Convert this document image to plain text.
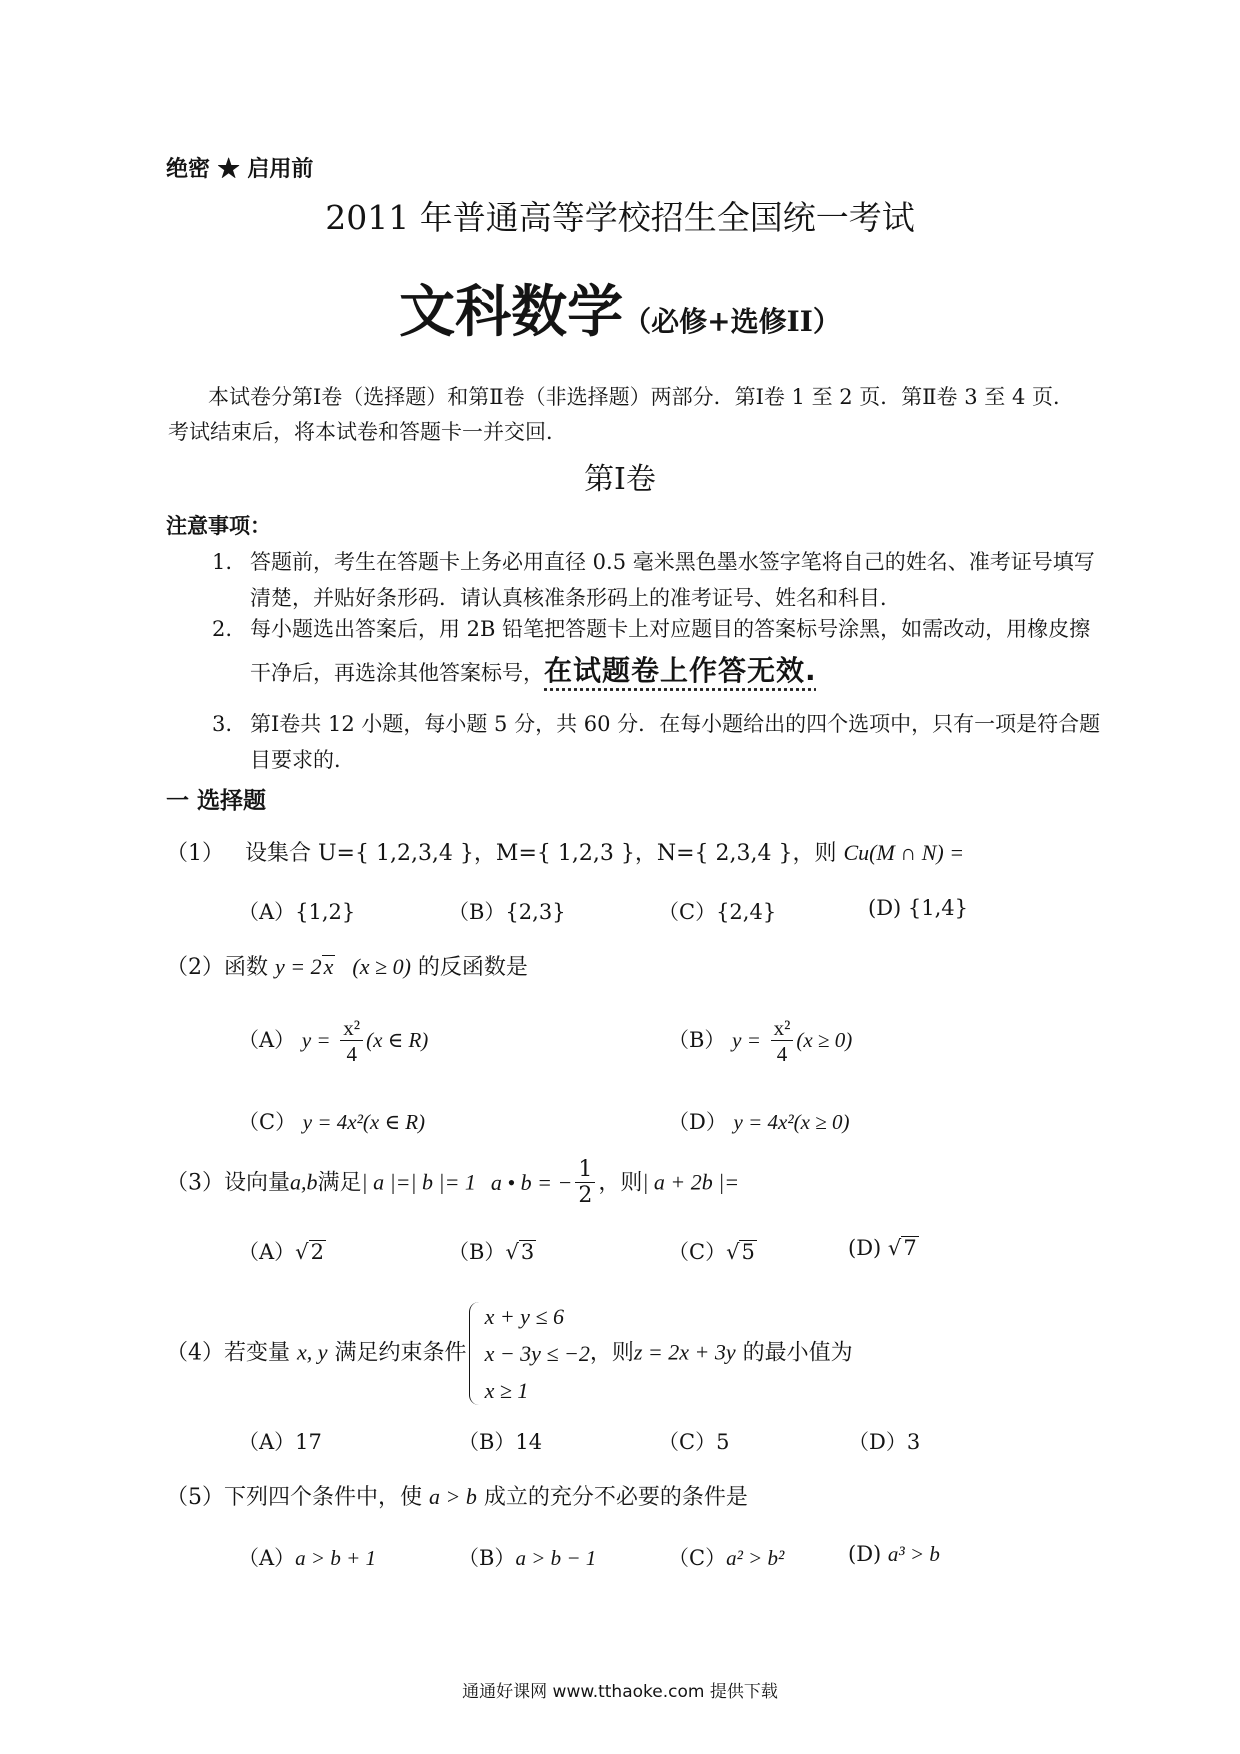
绝密 ★ 启用前
2011 年普通高等学校招生全国统一考试
文科数学（必修+选修II）
本试卷分第Ⅰ卷（选择题）和第Ⅱ卷（非选择题）两部分．第Ⅰ卷 1 至 2 页．第Ⅱ卷 3 至 4 页．考试结束后，将本试卷和答题卡一并交回．
第Ⅰ卷
注意事项：
1. 答题前，考生在答题卡上务必用直径 0.5 毫米黑色墨水签字笔将自己的姓名、准考证号填写清楚，并贴好条形码．请认真核准条形码上的准考证号、姓名和科目．
2. 每小题选出答案后，用 2B 铅笔把答题卡上对应题目的答案标号涂黑，如需改动，用橡皮擦干净后，再选涂其他答案标号，在试题卷上作答无效.
3. 第Ⅰ卷共 12 小题，每小题 5 分，共 60 分．在每小题给出的四个选项中，只有一项是符合题目要求的．
一 选择题
（1） 设集合 U={ 1,2,3,4 }，M={ 1,2,3 }，N={ 2,3,4 }，则 Cu(M ∩ N) =
（A）{1,2}	（B）{2,3}	（C）{2,4}	(D) {1,4}
（2）函数 y = 2x (x ≥ 0) 的反函数是
（A） $y = \frac{\text{x²}}{4} (x$ ∈ R)	（B） $y = \frac{\text{x²}}{4} (x \ge 0)$
（C） y = 4x²(x ∈ R)	（D） y = 4x²(x ≥ 0)
（3）设向量a,b满足| a |=| b |= 1 a • b = − $\frac{1}{2}$ ，则| a + 2b |=
（A）√2	（B）√3	（C）√5	(D) √7
（4）若变量 x, y 满足约束条件
x + y ≤ 6
x − 3y ≤ −2
x ≥ 1
，则z = 2x + 3y 的最小值为
（A）17	（B）14	（C）5	（D）3
（5）下列四个条件中，使 a > b 成立的充分不必要的条件是
（A）a > b + 1	（B）a > b − 1	（C）a² > b²	(D) a³ > b
通通好课网 www.tthaoke.com 提供下载
